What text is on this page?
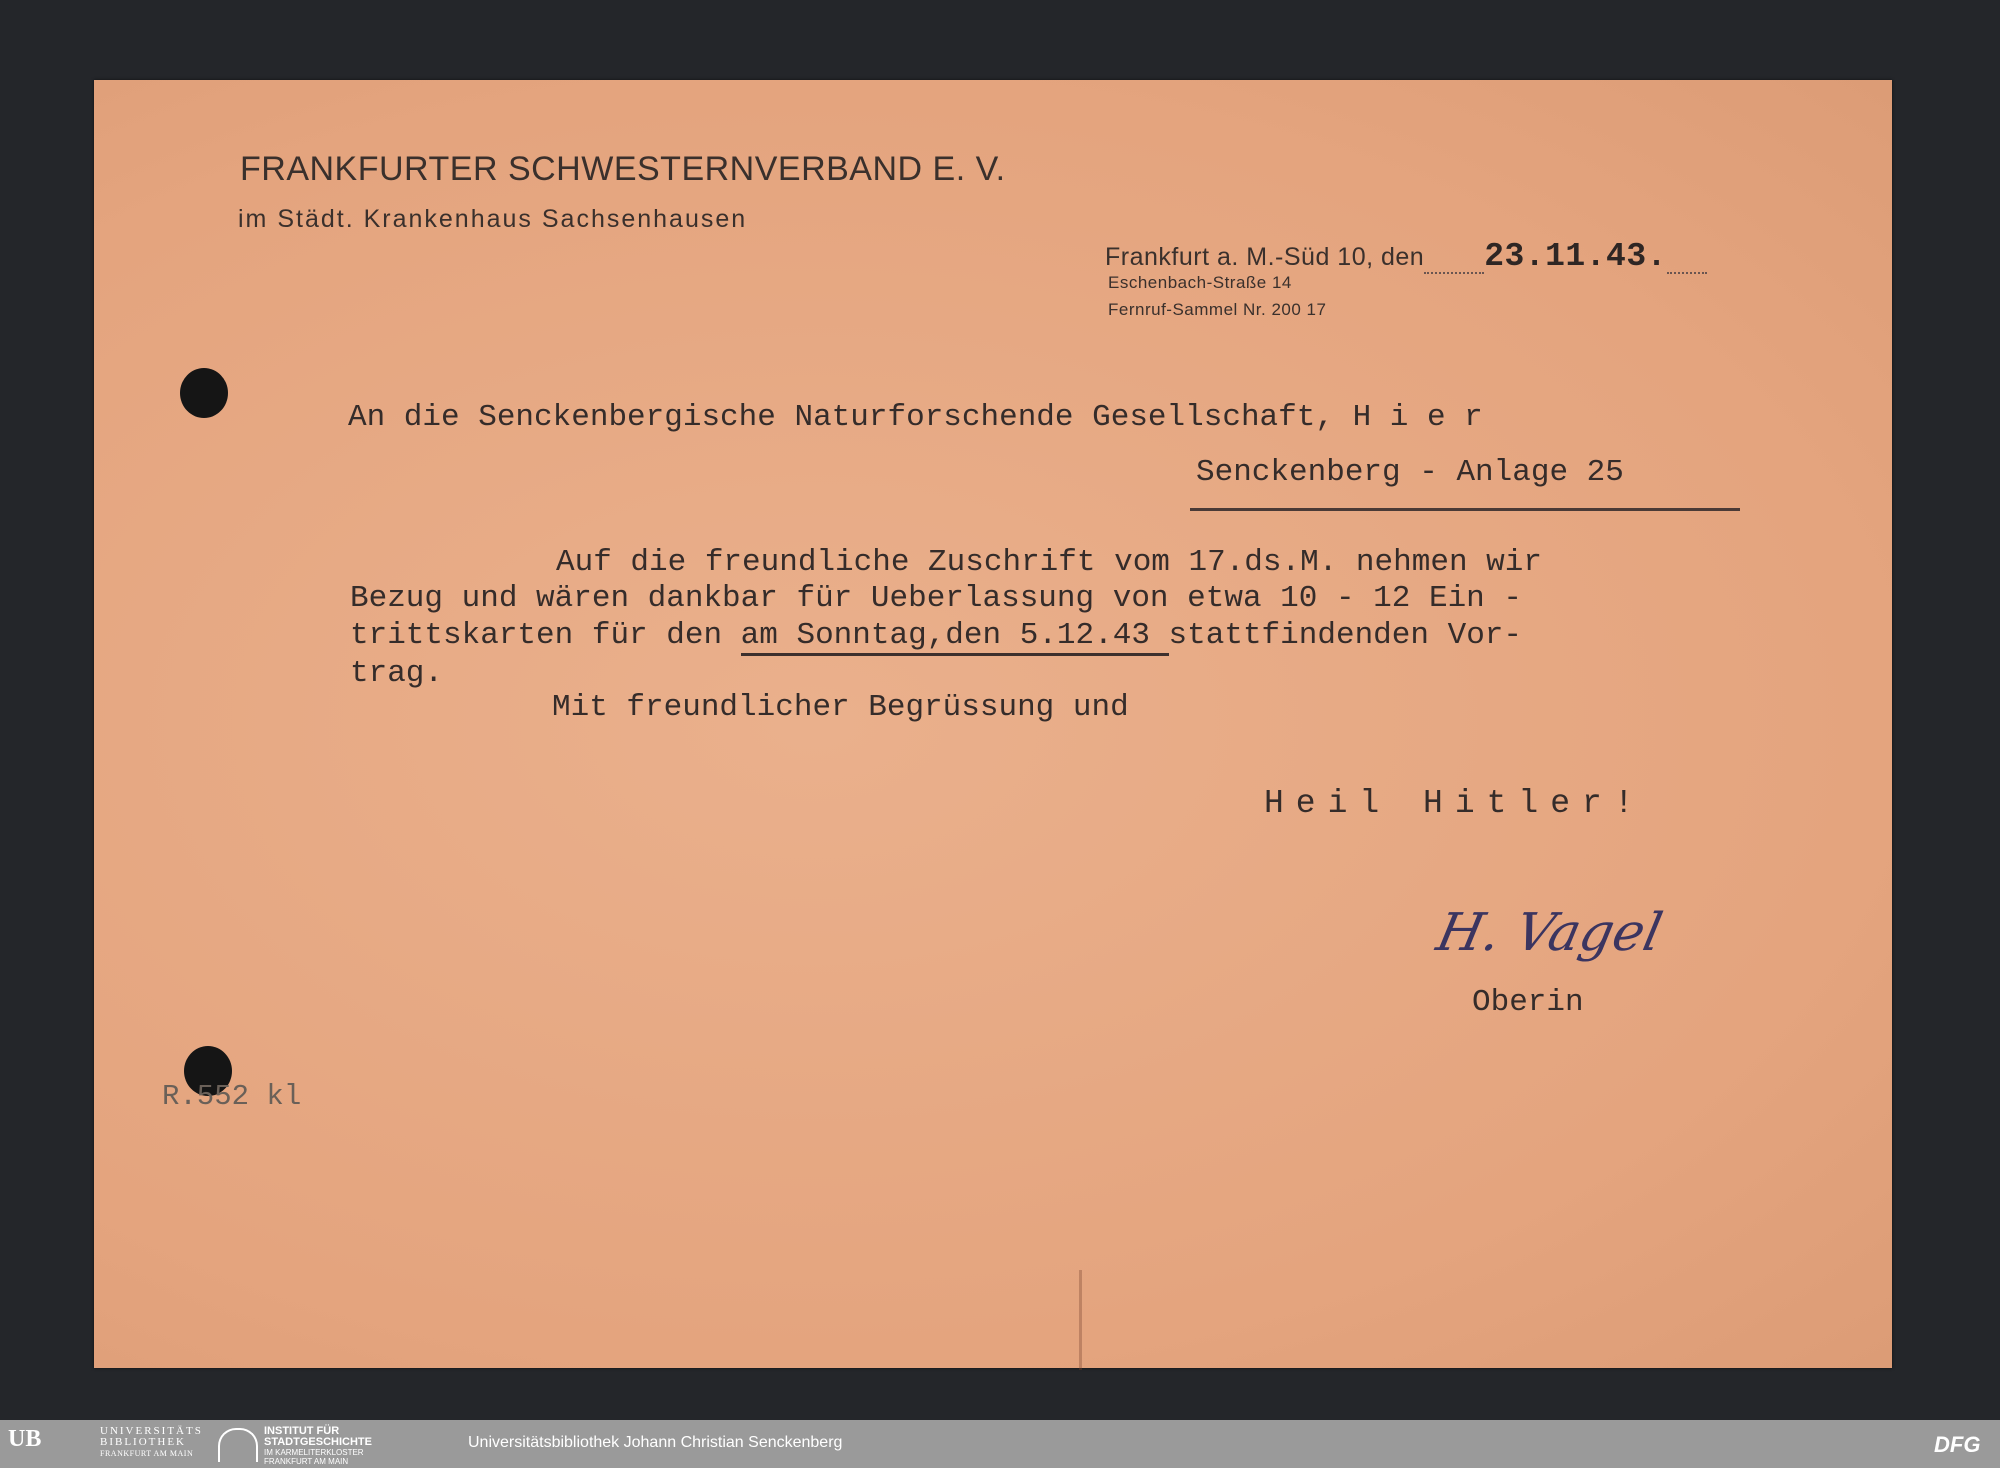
FRANKFURTER SCHWESTERNVERBAND E. V.
im Städt. Krankenhaus Sachsenhausen
Frankfurt a. M.-Süd 10, den 23.11.43.
Eschenbach-Straße 14
Fernruf-Sammel Nr. 200 17
An die Senckenbergische Naturforschende Gesellschaft, H i e r
Senckenberg - Anlage 25
Auf die freundliche Zuschrift vom 17.ds.M. nehmen wir
Bezug und wären dankbar für Ueberlassung von etwa 10 - 12 Ein -
trittskarten für den am Sonntag,den 5.12.43 stattfindenden Vor-
trag.
Mit freundlicher Begrüssung und
Heil Hitler!
H. Vagel
Oberin
R.552 kl
UB	UNIVERSITÄTS
BIBLIOTHEK
FRANKFURT AM MAIN
INSTITUT FÜR
STADTGESCHICHTE
IM KARMELITERKLOSTER
FRANKFURT AM MAIN
Universitätsbibliothek Johann Christian Senckenberg	DFG
